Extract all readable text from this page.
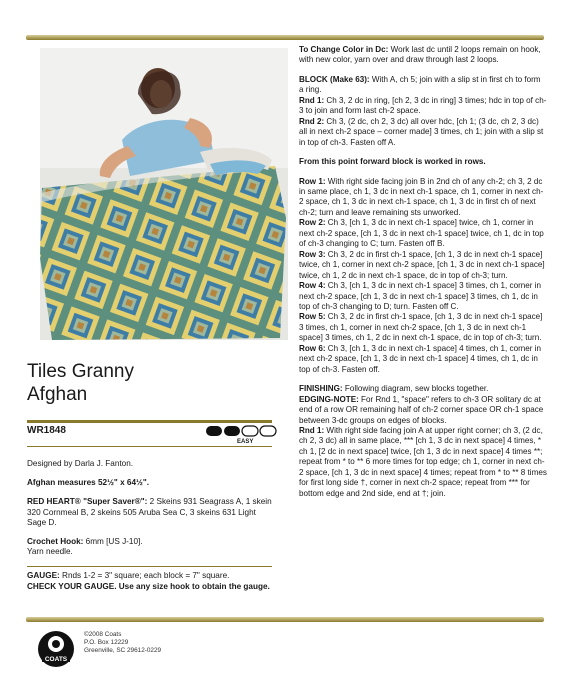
Tiles Granny
Afghan
WR1848
EASY

Designed by Darla J. Fanton.

Afghan measures 52½" x 64½".

RED HEART® "Super Saver®": 2 Skeins 931 Seagrass A, 1 skein 320 Cornmeal B, 2 skeins 505 Aruba Sea C, 3 skeins 631 Light Sage D.

Crochet Hook: 6mm [US J-10].
Yarn needle.

GAUGE: Rnds 1-2 = 3" square; each block = 7" square.
CHECK YOUR GAUGE. Use any size hook to obtain the gauge.

To Change Color in Dc: Work last dc until 2 loops remain on hook, with new color, yarn over and draw through last 2 loops.

BLOCK (Make 63): With A, ch 5; join with a slip st in first ch to form a ring.
Rnd 1: Ch 3, 2 dc in ring, [ch 2, 3 dc in ring] 3 times; hdc in top of ch-3 to join and form last ch-2 space.
Rnd 2: Ch 3, (2 dc, ch 2, 3 dc) all over hdc, [ch 1; (3 dc, ch 2, 3 dc) all in next ch-2 space – corner made] 3 times, ch 1; join with a slip st in top of ch-3. Fasten off A.

From this point forward block is worked in rows.

Row 1: With right side facing join B in 2nd ch of any ch-2; ch 3, 2 dc in same place, ch 1, 3 dc in next ch-1 space, ch 1, corner in next ch-2 space, ch 1, 3 dc in next ch-1 space, ch 1, 3 dc in first ch of next ch-2; turn and leave remaining sts unworked.
Row 2: Ch 3, [ch 1, 3 dc in next ch-1 space] twice, ch 1, corner in next ch-2 space, [ch 1, 3 dc in next ch-1 space] twice, ch 1, dc in top of ch-3 changing to C; turn. Fasten off B.
Row 3: Ch 3, 2 dc in first ch-1 space, [ch 1, 3 dc in next ch-1 space] twice, ch 1, corner in next ch-2 space, [ch 1, 3 dc in next ch-1 space] twice, ch 1, 2 dc in next ch-1 space, dc in top of ch-3; turn.
Row 4: Ch 3, [ch 1, 3 dc in next ch-1 space] 3 times, ch 1, corner in next ch-2 space, [ch 1, 3 dc in next ch-1 space] 3 times, ch 1, dc in top of ch-3 changing to D; turn. Fasten off C.
Row 5: Ch 3, 2 dc in first ch-1 space, [ch 1, 3 dc in next ch-1 space] 3 times, ch 1, corner in next ch-2 space, [ch 1, 3 dc in next ch-1 space] 3 times, ch 1, 2 dc in next ch-1 space, dc in top of ch-3; turn.
Row 6: Ch 3, [ch 1, 3 dc in next ch-1 space] 4 times, ch 1, corner in next ch-2 space, [ch 1, 3 dc in next ch-1 space] 4 times, ch 1, dc in top of ch-3. Fasten off.

FINISHING: Following diagram, sew blocks together.
EDGING-NOTE: For Rnd 1, "space" refers to ch-3 OR solitary dc at end of a row OR remaining half of ch-2 corner space OR ch-1 space between 3-dc groups on edges of blocks.
Rnd 1: With right side facing join A at upper right corner; ch 3, (2 dc, ch 2, 3 dc) all in same place, *** [ch 1, 3 dc in next space] 4 times, * ch 1, [2 dc in next space] twice, [ch 1, 3 dc in next space] 4 times **; repeat from * to ** 6 more times for top edge; ch 1, corner in next ch-2 space, [ch 1, 3 dc in next space] 4 times; repeat from * to ** 8 times for first long side †, corner in next ch-2 space; repeat from *** for bottom edge and 2nd side, end at †; join.

COATS
©2008 Coats
P.O. Box 12229
Greenville, SC 29612-0229
